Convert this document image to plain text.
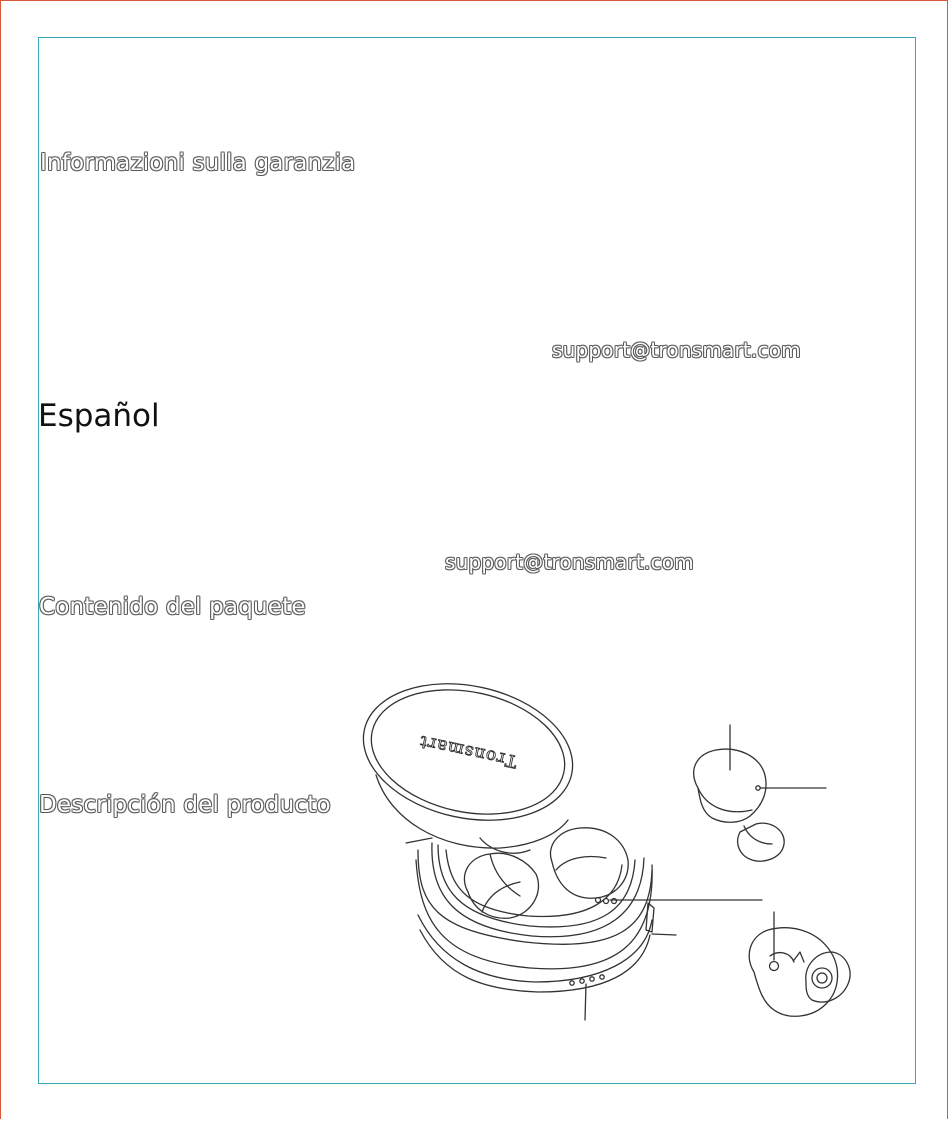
Informazioni sulla garanzia
support@tronsmart.com
Español
support@tronsmart.com
Contenido del paquete
Descripción del producto
Tronsmart
